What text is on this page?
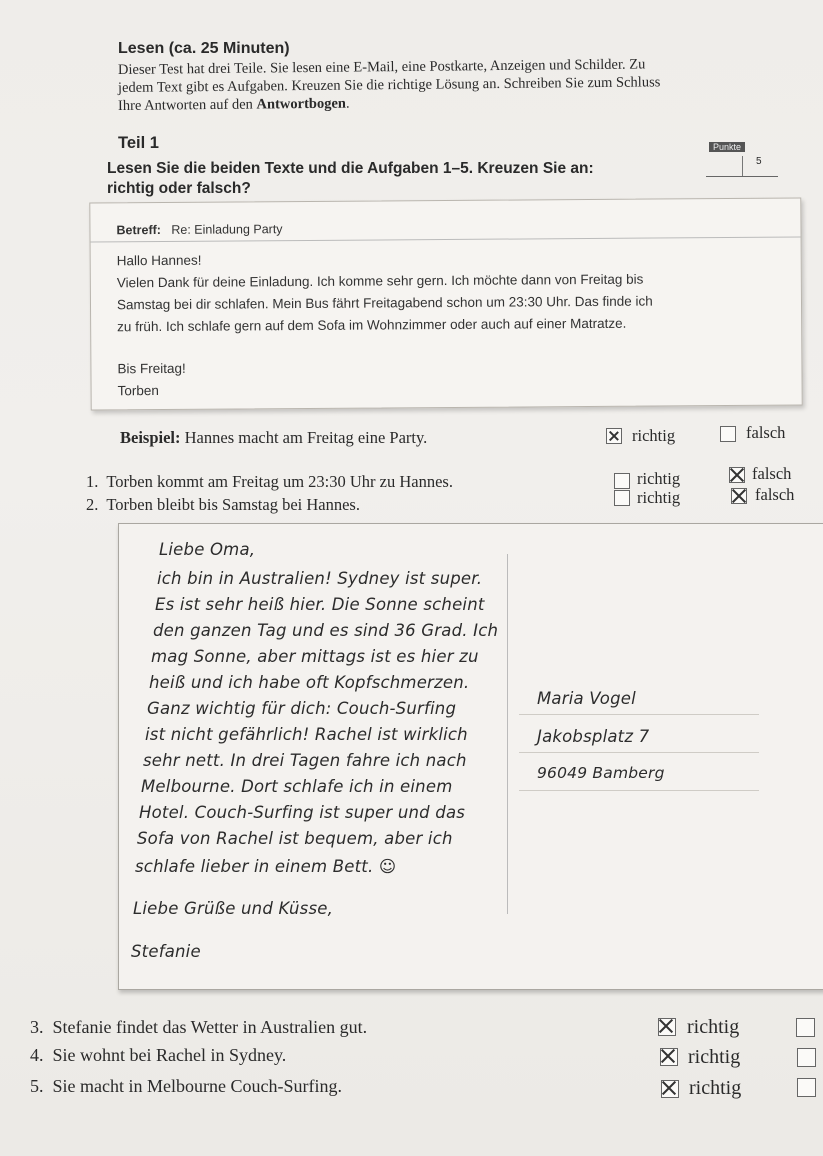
Lesen (ca. 25 Minuten)
Dieser Test hat drei Teile. Sie lesen eine E-Mail, eine Postkarte, Anzeigen und Schilder. Zu
jedem Text gibt es Aufgaben. Kreuzen Sie die richtige Lösung an. Schreiben Sie zum Schluss
Ihre Antworten auf den Antwortbogen.
Teil 1
Lesen Sie die beiden Texte und die Aufgaben 1–5. Kreuzen Sie an:
richtig oder falsch?
Punkte
5
Betreff: Re: Einladung Party
Hallo Hannes!
Vielen Dank für deine Einladung. Ich komme sehr gern. Ich möchte dann von Freitag bis
Samstag bei dir schlafen. Mein Bus fährt Freitagabend schon um 23:30 Uhr. Das finde ich
zu früh. Ich schlafe gern auf dem Sofa im Wohnzimmer oder auch auf einer Matratze.
Bis Freitag!
Torben
Beispiel: Hannes macht am Freitag eine Party.	richtig	falsch
1. Torben kommt am Freitag um 23:30 Uhr zu Hannes.	richtig	falsch
2. Torben bleibt bis Samstag bei Hannes.	richtig	falsch
Liebe Oma,
ich bin in Australien! Sydney ist super.
Es ist sehr heiß hier. Die Sonne scheint
den ganzen Tag und es sind 36 Grad. Ich
mag Sonne, aber mittags ist es hier zu
heiß und ich habe oft Kopfschmerzen.
Ganz wichtig für dich: Couch-Surfing
ist nicht gefährlich! Rachel ist wirklich
sehr nett. In drei Tagen fahre ich nach
Melbourne. Dort schlafe ich in einem
Hotel. Couch-Surfing ist super und das
Sofa von Rachel ist bequem, aber ich
schlafe lieber in einem Bett. ☺
Liebe Grüße und Küsse,
Stefanie
Maria Vogel
Jakobsplatz 7
96049 Bamberg
3. Stefanie findet das Wetter in Australien gut.	richtig
4. Sie wohnt bei Rachel in Sydney.	richtig
5. Sie macht in Melbourne Couch-Surfing.	richtig
